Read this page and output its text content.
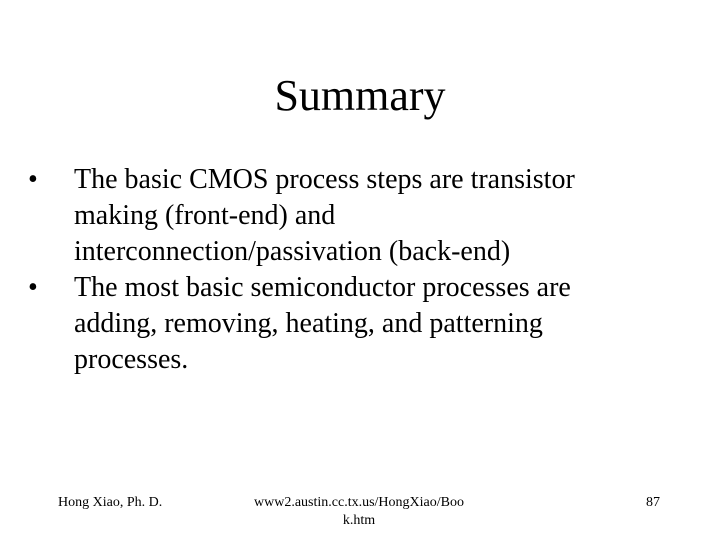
Summary
•	The basic CMOS process steps are transistor
making (front-end) and
interconnection/passivation (back-end)
•	The most basic semiconductor processes are
adding, removing, heating, and patterning
processes.
Hong Xiao, Ph. D.	www2.austin.cc.tx.us/HongXiao/Boo
k.htm
87
